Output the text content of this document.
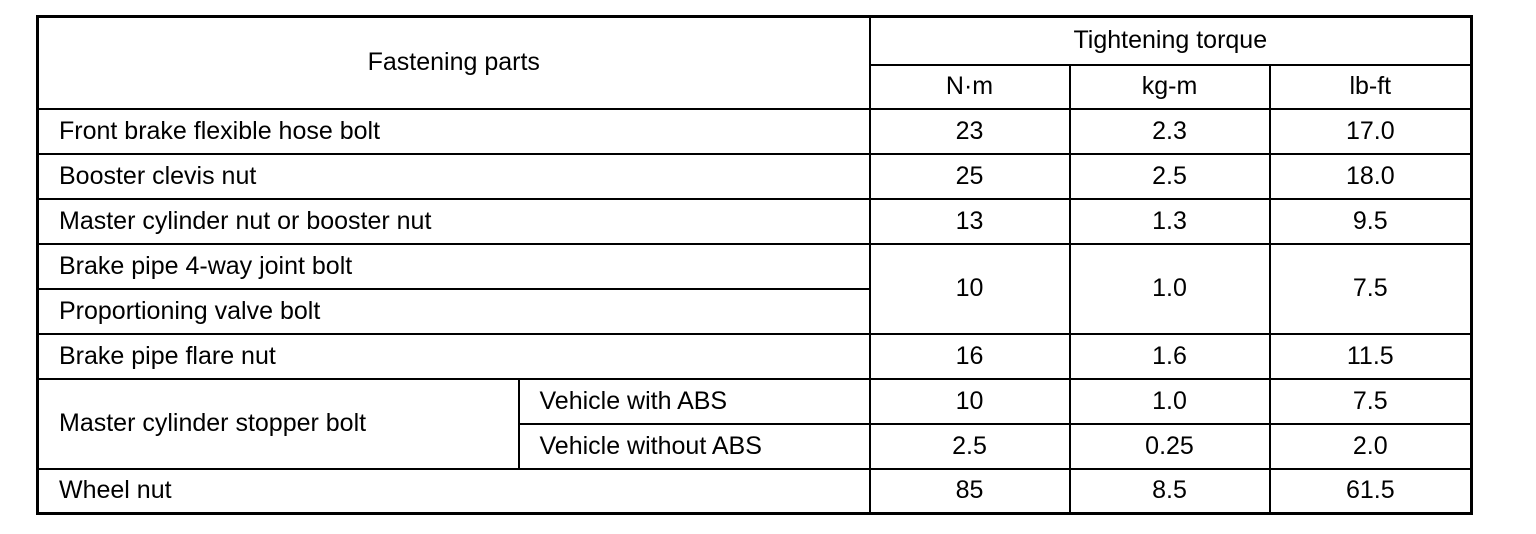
Fastening parts		Tightening torque		
		N·m	kg-m	lb-ft
Front brake flexible hose bolt		23	2.3	17.0
Booster clevis nut		25	2.5	18.0
Master cylinder nut or booster nut		13	1.3	9.5
Brake pipe 4-way joint bolt		10	1.0	7.5
Proportioning valve bolt				
Brake pipe flare nut		16	1.6	11.5
Master cylinder stopper bolt	Vehicle with ABS	10	1.0	7.5
	Vehicle without ABS	2.5	0.25	2.0
Wheel nut		85	8.5	61.5
